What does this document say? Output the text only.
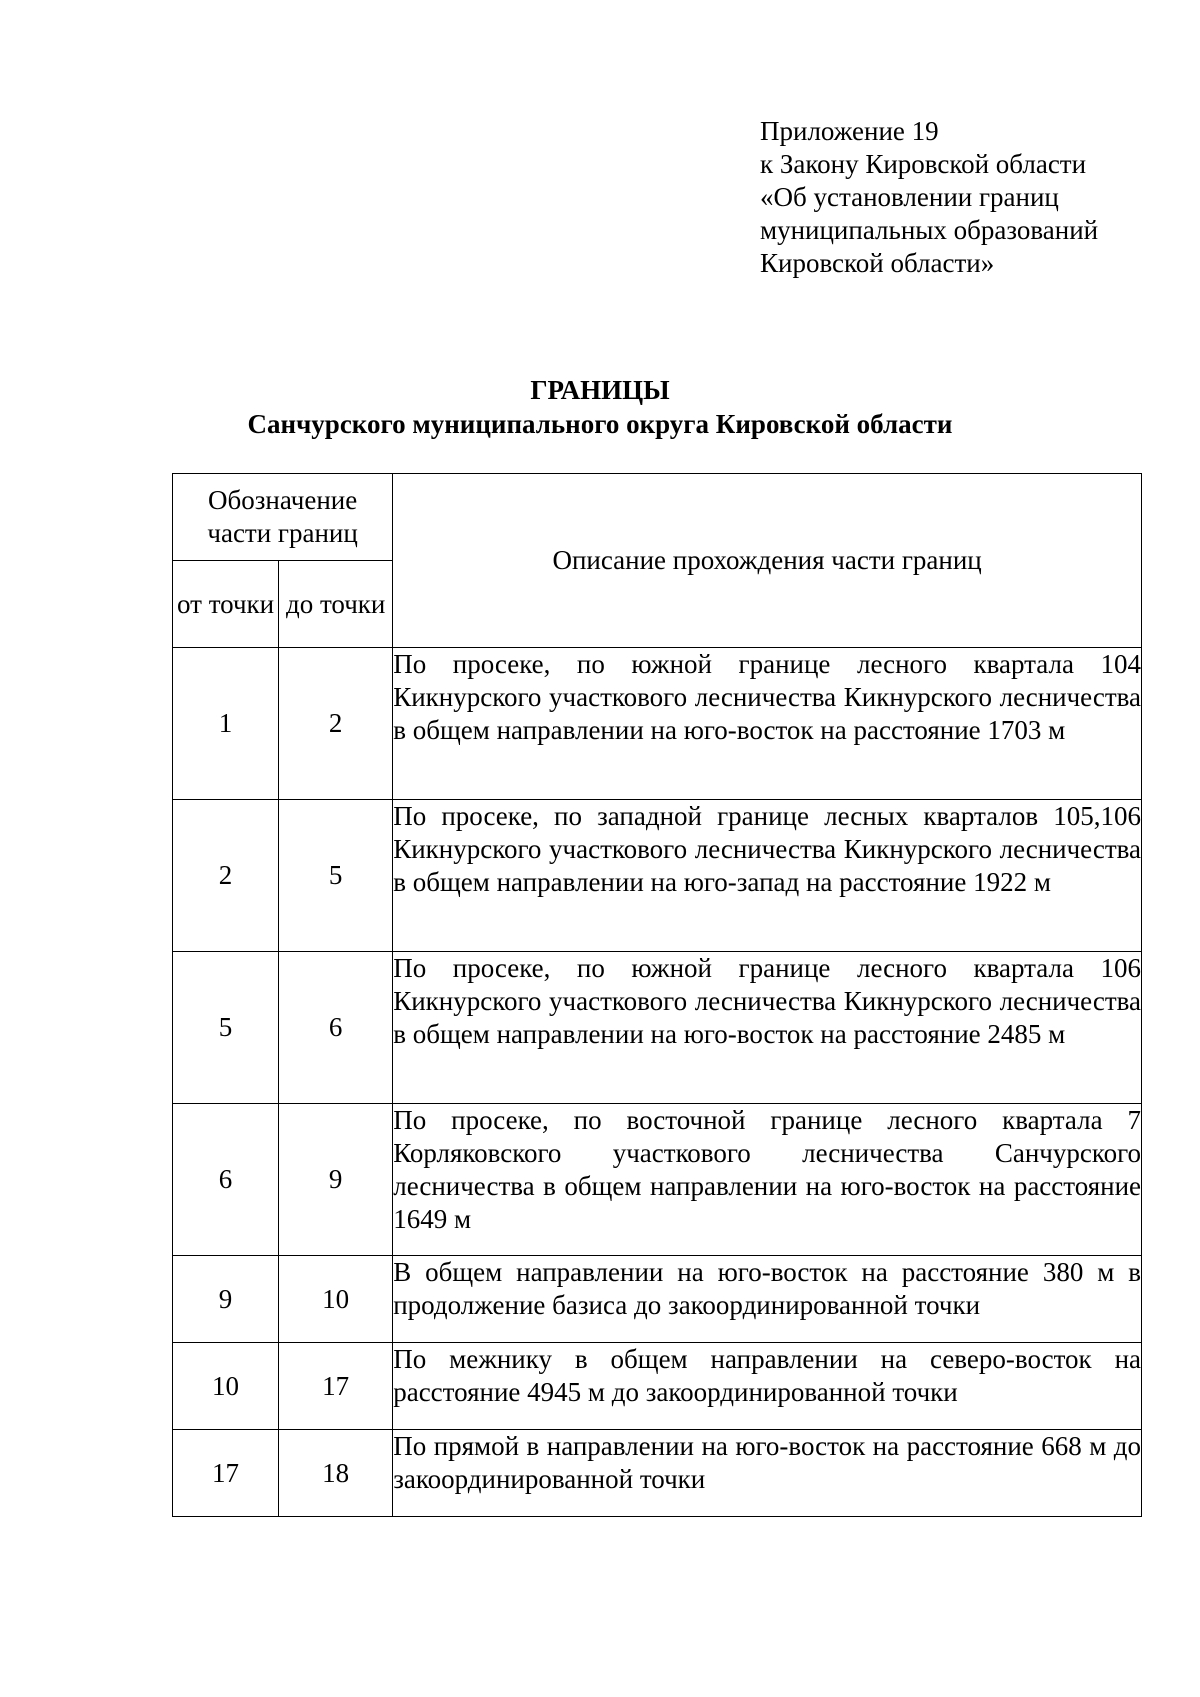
Приложение 19
к Закону Кировской области
«Об установлении границ
муниципальных образований
Кировской области»
ГРАНИЦЫ
Санчурского муниципального округа Кировской области
Обозначение части границ		Описание прохождения части границ
от точки	до точки	
1	2	По просеке, по южной границе лесного квартала 104 Кикнурского участкового лесничества Кикнурского лесничества в общем направлении на юго-восток на расстояние 1703 м
2	5	По просеке, по западной границе лесных кварталов 105,106 Кикнурского участкового лесничества Кикнурского лесничества в общем направлении на юго-запад на расстояние 1922 м
5	6	По просеке, по южной границе лесного квартала 106 Кикнурского участкового лесничества Кикнурского лесничества в общем направлении на юго-восток на расстояние 2485 м
6	9	По просеке, по восточной границе лесного квартала 7 Корляковского участкового лесничества Санчурского лесничества в общем направлении на юго-восток на расстояние 1649 м
9	10	В общем направлении на юго-восток на расстояние 380 м в продолжение базиса до закоординированной точки
10	17	По межнику в общем направлении на северо-восток на расстояние 4945 м до закоординированной точки
17	18	По прямой в направлении на юго-восток на расстояние 668 м до закоординированной точки
